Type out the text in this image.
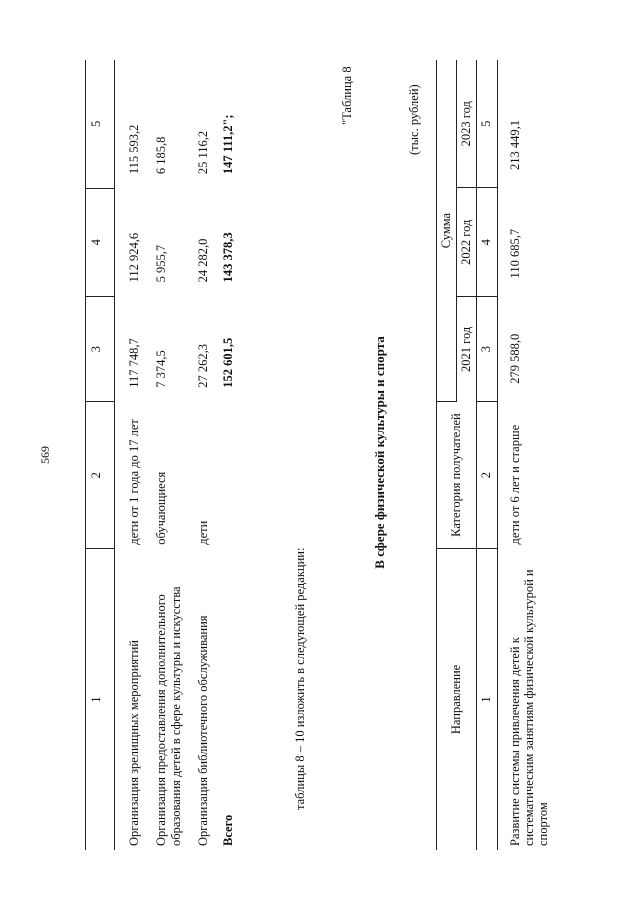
569
1	2	3	4	5
Организация зрелищных мероприятий	дети от 1 года до 17 лет	117 748,7	112 924,6	115 593,2
Организация предоставления дополнительного образования детей в сфере культуры и искусства	обучающиеся	7 374,5	5 955,7	6 185,8
Организация библиотечного обслуживания	дети	27 262,3	24 282,0	25 116,2
Всего		152 601,5	143 378,3	147 111,2";
таблицы 8 – 10 изложить в следующей редакции:
"Таблица 8
В сфере физической культуры и спорта
(тыс. рублей)
Направление	Категория получателей	Сумма		
		2021 год	2022 год	2023 год
1	2	3	4	5
Развитие системы привлечения детей к систематическим занятиям физической культурой и спортом	дети от 6 лет и старше	279 588,0	110 685,7	213 449,1
